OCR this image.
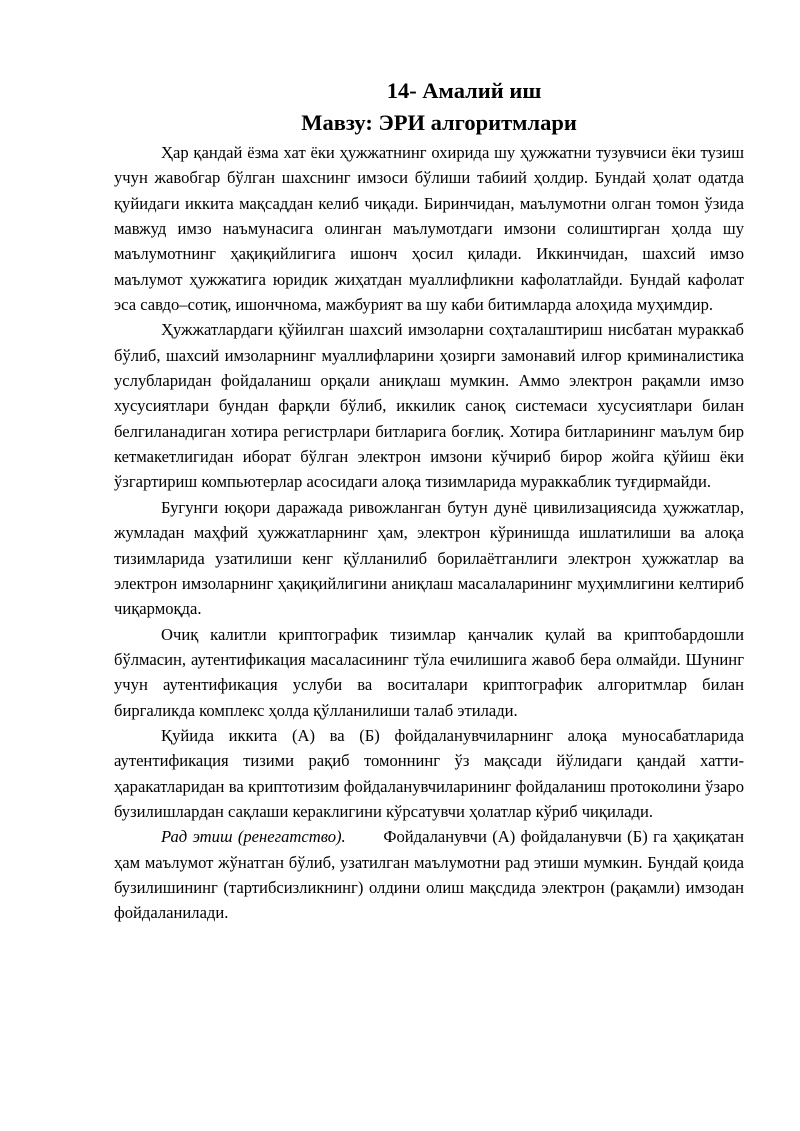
14- Амалий иш
Мавзу: ЭРИ алгоритмлари

Ҳар қандай ёзма хат ёки ҳужжатнинг охирида шу ҳужжатни тузувчиси ёки тузиш учун жавобгар бўлган шахснинг имзоси бўлиши табиий ҳолдир. Бундай ҳолат одатда қуйидаги иккита мақсаддан келиб чиқади. Биринчидан, маълумотни олган томон ўзида мавжуд имзо наъмунасига олинган маълумотдаги имзони солиштирган ҳолда шу маълумотнинг ҳақиқийлигига ишонч ҳосил қилади. Иккинчидан, шахсий имзо маълумот ҳужжатига юридик жиҳатдан муаллифликни кафолатлайди. Бундай кафолат эса савдо–сотиқ, ишончнома, мажбурият ва шу каби битимларда алоҳида муҳимдир.

Ҳужжатлардаги қўйилган шахсий имзоларни соҳталаштириш нисбатан мураккаб бўлиб, шахсий имзоларнинг муаллифларини ҳозирги замонавий илғор криминалистика услубларидан фойдаланиш орқали аниқлаш мумкин. Аммо электрон рақамли имзо хусусиятлари бундан фарқли бўлиб, иккилик саноқ системаси хусусиятлари билан белгиланадиган хотира регистрлари битларига боғлиқ. Хотира битларининг маълум бир кетмакетлигидан иборат бўлган электрон имзони кўчириб бирор жойга қўйиш ёки ўзгартириш компьютерлар асосидаги алоқа тизимларида мураккаблик туғдирмайди.

Бугунги юқори даражада ривожланган бутун дунё цивилизациясида ҳужжатлар, жумладан маҳфий ҳужжатларнинг ҳам, электрон кўринишда ишлатилиши ва алоқа тизимларида узатилиши кенг қўлланилиб борилаётганлиги электрон ҳужжатлар ва электрон имзоларнинг ҳақиқийлигини аниқлаш масалаларининг муҳимлигини келтириб чиқармоқда.

Очиқ калитли криптографик тизимлар қанчалик қулай ва криптобардошли бўлмасин, аутентификация масаласининг тўла ечилишига жавоб бера олмайди. Шунинг учун аутентификация услуби ва воситалари криптографик алгоритмлар билан биргаликда комплекс ҳолда қўлланилиши талаб этилади.

Қуйида иккита (А) ва (Б) фойдаланувчиларнинг алоқа муносабатларида аутентификация тизими рақиб томоннинг ўз мақсади йўлидаги қандай хатти-ҳаракатларидан ва криптотизим фойдаланувчиларининг фойдаланиш протоколини ўзаро бузилишлардан сақлаши кераклигини кўрсатувчи ҳолатлар кўриб чиқилади.

Рад этиш (ренегатство). Фойдаланувчи (А) фойдаланувчи (Б) га ҳақиқатан ҳам маълумот жўнатган бўлиб, узатилган маълумотни рад этиши мумкин. Бундай қоида бузилишининг (тартибсизликнинг) олдини олиш мақсдида электрон (рақамли) имзодан фойдаланилади.
